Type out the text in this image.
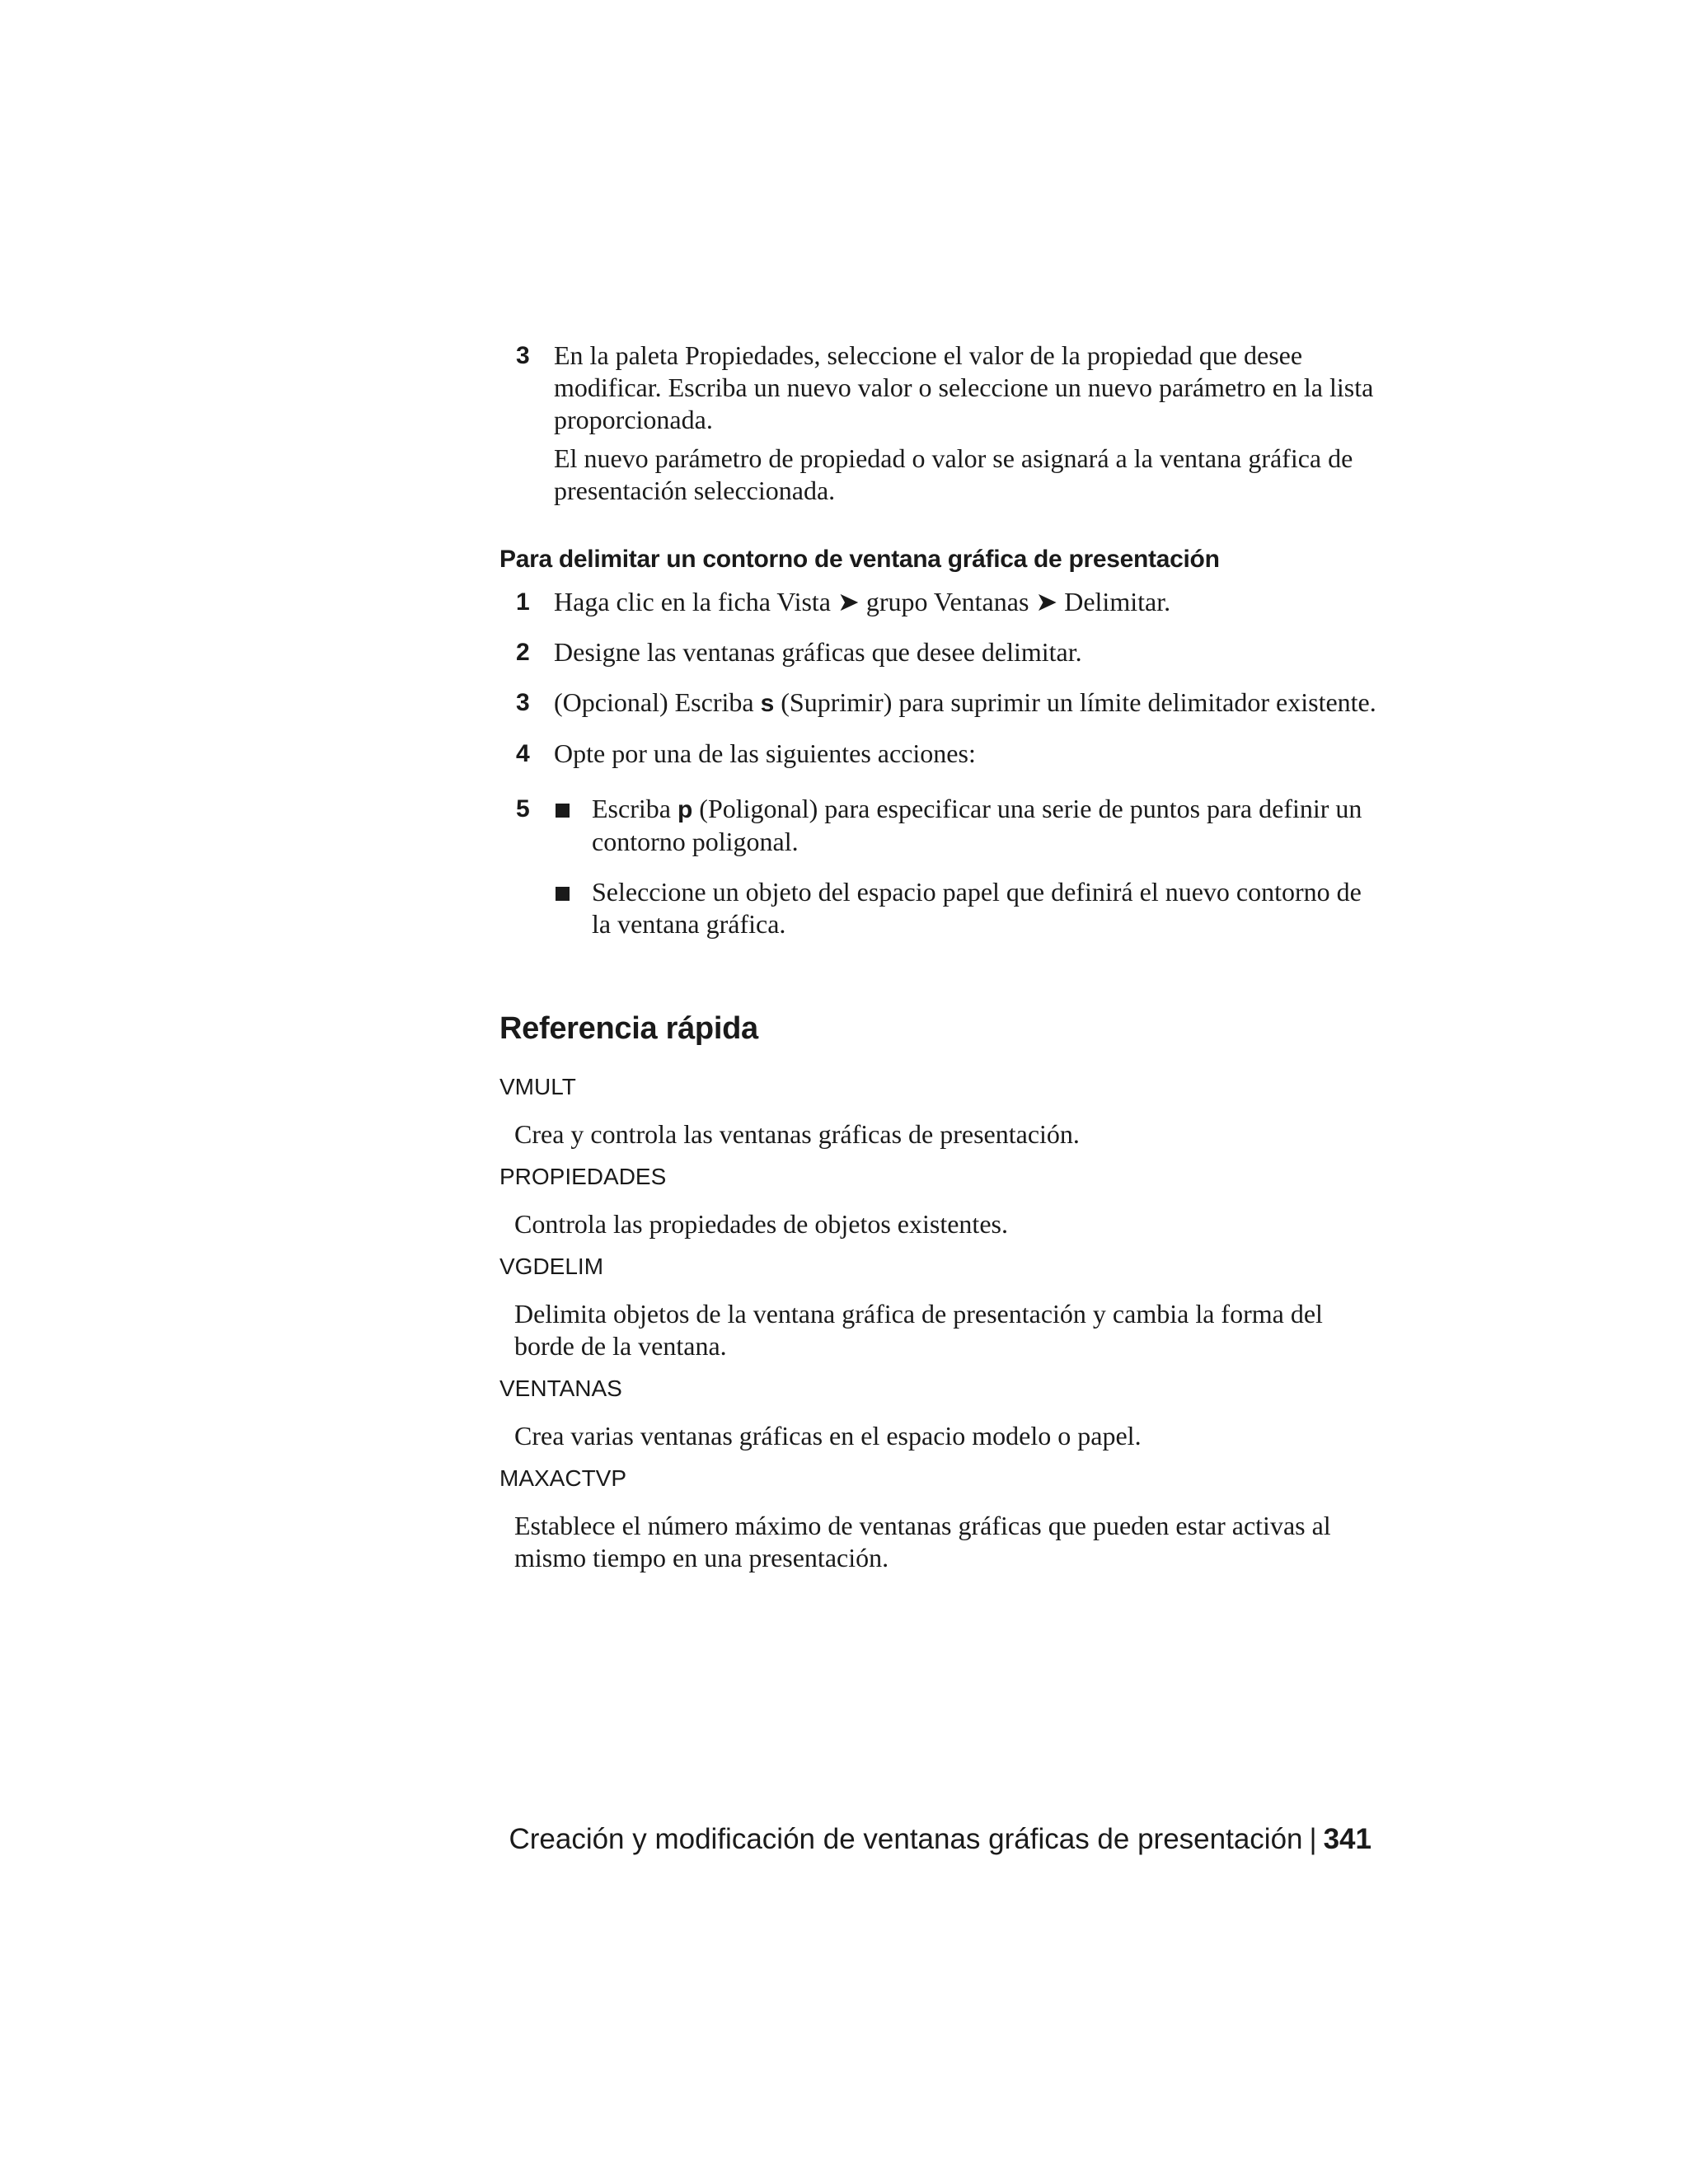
3 En la paleta Propiedades, seleccione el valor de la propiedad que desee modificar. Escriba un nuevo valor o seleccione un nuevo parámetro en la lista proporcionada.

El nuevo parámetro de propiedad o valor se asignará a la ventana gráfica de presentación seleccionada.

Para delimitar un contorno de ventana gráfica de presentación
1 Haga clic en la ficha Vista ➤ grupo Ventanas ➤ Delimitar.

2 Designe las ventanas gráficas que desee delimitar.

3 (Opcional) Escriba s (Suprimir) para suprimir un límite delimitador existente.

4 Opte por una de las siguientes acciones:

5 Escriba p (Poligonal) para especificar una serie de puntos para definir un contorno poligonal.

Seleccione un objeto del espacio papel que definirá el nuevo contorno de la ventana gráfica.

Referencia rápida

VMULT

Crea y controla las ventanas gráficas de presentación.

PROPIEDADES

Controla las propiedades de objetos existentes.

VGDELIM

Delimita objetos de la ventana gráfica de presentación y cambia la forma del borde de la ventana.

VENTANAS

Crea varias ventanas gráficas en el espacio modelo o papel.

MAXACTVP

Establece el número máximo de ventanas gráficas que pueden estar activas al mismo tiempo en una presentación.

Creación y modificación de ventanas gráficas de presentación | 341
